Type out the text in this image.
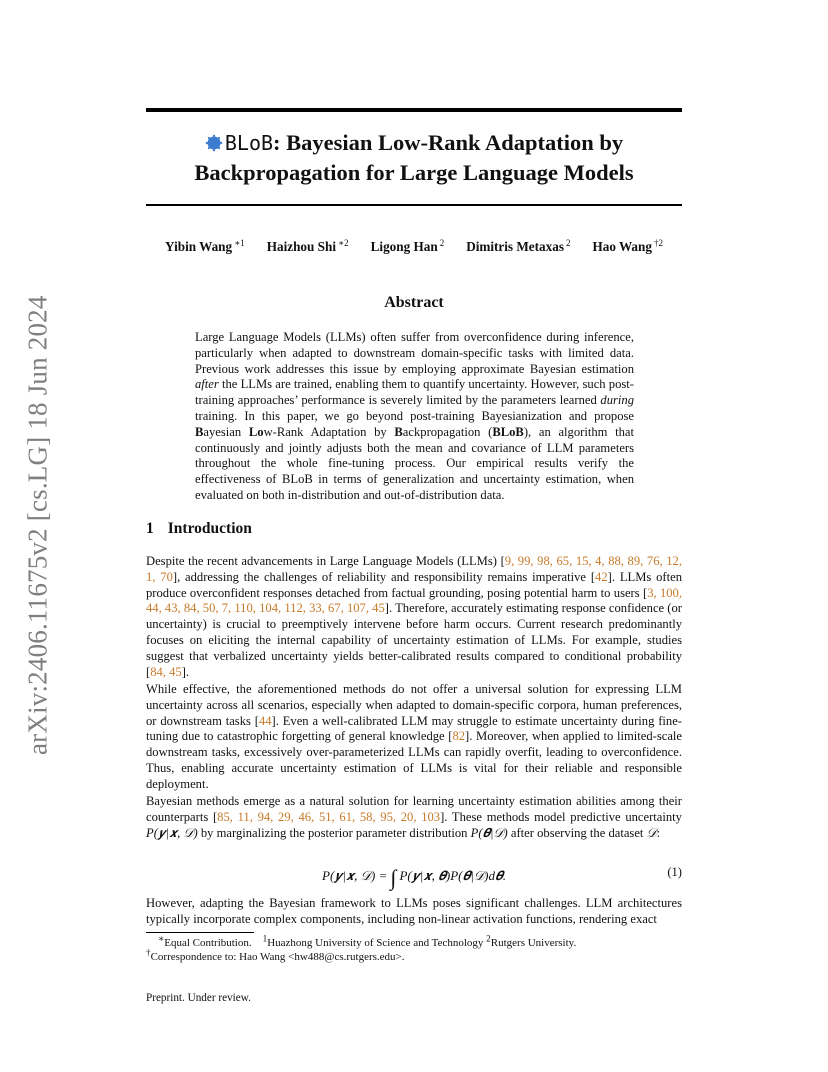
arXiv:2406.11675v2 [cs.LG] 18 Jun 2024
BLoB: Bayesian Low-Rank Adaptation by
Backpropagation for Large Language Models
Yibin Wang $^{∗1}$ Haizhou Shi $^{∗2}$ Ligong Han $^2$ Dimitris Metaxas $^2$ Hao Wang $^{\dagger 2}$
Abstract

Large Language Models (LLMs) often suffer from overconfidence during inference, particularly when adapted to downstream domain-specific tasks with limited data. Previous work addresses this issue by employing approximate Bayesian estimation after the LLMs are trained, enabling them to quantify uncertainty. However, such post-training approaches’ performance is severely limited by the parameters learned during training. In this paper, we go beyond post-training Bayesianization and propose Bayesian Low-Rank Adaptation by Backpropagation (BLoB), an algorithm that continuously and jointly adjusts both the mean and covariance of LLM parameters throughout the whole fine-tuning process. Our empirical results verify the effectiveness of BLoB in terms of generalization and uncertainty estimation, when evaluated on both in-distribution and out-of-distribution data.

1 Introduction

Despite the recent advancements in Large Language Models (LLMs) [9, 99, 98, 65, 15, 4, 88, 89, 76, 12, 1, 70], addressing the challenges of reliability and responsibility remains imperative [42]. LLMs often produce overconfident responses detached from factual grounding, posing potential harm to users [3, 100, 44, 43, 84, 50, 7, 110, 104, 112, 33, 67, 107, 45]. Therefore, accurately estimating response confidence (or uncertainty) is crucial to preemptively intervene before harm occurs. Current research predominantly focuses on eliciting the internal capability of uncertainty estimation of LLMs. For example, studies suggest that verbalized uncertainty yields better-calibrated results compared to conditional probability [84, 45].

While effective, the aforementioned methods do not offer a universal solution for expressing LLM uncertainty across all scenarios, especially when adapted to domain-specific corpora, human preferences, or downstream tasks [44]. Even a well-calibrated LLM may struggle to estimate uncertainty during fine-tuning due to catastrophic forgetting of general knowledge [82]. Moreover, when applied to limited-scale downstream tasks, excessively over-parameterized LLMs can rapidly overfit, leading to overconfidence. Thus, enabling accurate uncertainty estimation of LLMs is vital for their reliable and responsible deployment.

Bayesian methods emerge as a natural solution for learning uncertainty estimation abilities among their counterparts [85, 11, 94, 29, 46, 51, 61, 58, 95, 20, 103]. These methods model predictive uncertainty P(𝒚|𝒙, 𝒟) by marginalizing the posterior parameter distribution P(𝜽|𝒟) after observing the dataset 𝒟:

P(𝒚|𝒙, 𝒟) = ∫ P(𝒚|𝒙, 𝜽)P(𝜽|𝒟)d𝜽.	(1)

However, adapting the Bayesian framework to LLMs poses significant challenges. LLM architectures typically incorporate complex components, including non-linear activation functions, rendering exact

∗Equal Contribution. $^1$Huazhong University of Science and Technology $^2$Rutgers University.

†Correspondence to: Hao Wang <hw488@cs.rutgers.edu>.

Preprint. Under review.
